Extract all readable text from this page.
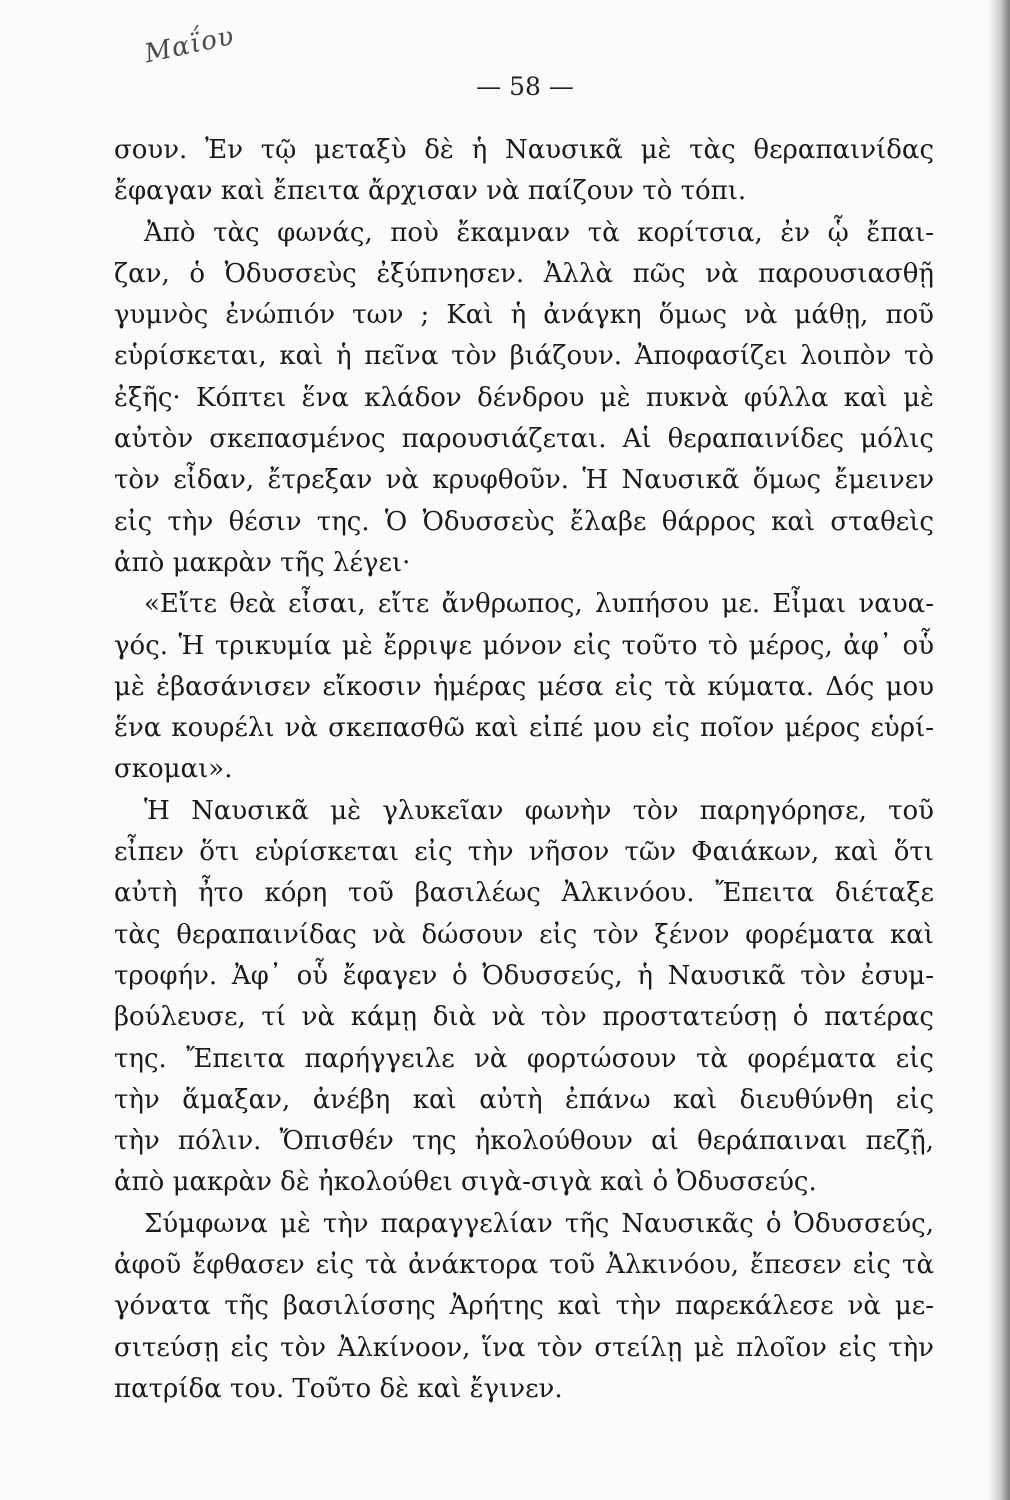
Μαΐου
— 58 —
σουν. Ἐν τῷ μεταξὺ δὲ ἡ Ναυσικᾶ μὲ τὰς θεραπαινίδας
ἔφαγαν καὶ ἔπειτα ἄρχισαν νὰ παίζουν τὸ τόπι.
Ἀπὸ τὰς φωνάς, ποὺ ἔκαμναν τὰ κορίτσια, ἐν ᾧ ἔπαι-
ζαν, ὁ Ὀδυσσεὺς ἐξύπνησεν. Ἀλλὰ πῶς νὰ παρουσιασθῇ
γυμνὸς ἐνώπιόν των ; Καὶ ἡ ἀνάγκη ὅμως νὰ μάθῃ, ποῦ
εὑρίσκεται, καὶ ἡ πεῖνα τὸν βιάζουν. Ἀποφασίζει λοιπὸν τὸ
ἐξῆς· Κόπτει ἕνα κλάδον δένδρου μὲ πυκνὰ φύλλα καὶ μὲ
αὐτὸν σκεπασμένος παρουσιάζεται. Αἱ θεραπαινίδες μόλις
τὸν εἶδαν, ἔτρεξαν νὰ κρυφθοῦν. Ἡ Ναυσικᾶ ὅμως ἔμεινεν
εἰς τὴν θέσιν της. Ὁ Ὀδυσσεὺς ἔλαβε θάρρος καὶ σταθεὶς
ἀπὸ μακρὰν τῆς λέγει·
«Εἴτε θεὰ εἶσαι, εἴτε ἄνθρωπος, λυπήσου με. Εἶμαι ναυα-
γός. Ἡ τρικυμία μὲ ἔρριψε μόνον εἰς τοῦτο τὸ μέρος, ἀφ᾽ οὗ
μὲ ἐβασάνισεν εἴκοσιν ἡμέρας μέσα εἰς τὰ κύματα. Δός μου
ἕνα κουρέλι νὰ σκεπασθῶ καὶ εἰπέ μου εἰς ποῖον μέρος εὑρί-
σκομαι».
Ἡ Ναυσικᾶ μὲ γλυκεῖαν φωνὴν τὸν παρηγόρησε, τοῦ
εἶπεν ὅτι εὑρίσκεται εἰς τὴν νῆσον τῶν Φαιάκων, καὶ ὅτι
αὐτὴ ἦτο κόρη τοῦ βασιλέως Ἀλκινόου. Ἔπειτα διέταξε
τὰς θεραπαινίδας νὰ δώσουν εἰς τὸν ξένον φορέματα καὶ
τροφήν. Ἀφ᾽ οὗ ἔφαγεν ὁ Ὀδυσσεύς, ἡ Ναυσικᾶ τὸν ἐσυμ-
βούλευσε, τί νὰ κάμῃ διὰ νὰ τὸν προστατεύσῃ ὁ πατέρας
της. Ἔπειτα παρήγγειλε νὰ φορτώσουν τὰ φορέματα εἰς
τὴν ἅμαξαν, ἀνέβη καὶ αὐτὴ ἐπάνω καὶ διευθύνθη εἰς
τὴν πόλιν. Ὄπισθέν της ἠκολούθουν αἱ θεράπαιναι πεζῇ,
ἀπὸ μακρὰν δὲ ἠκολούθει σιγὰ-σιγὰ καὶ ὁ Ὀδυσσεύς.
Σύμφωνα μὲ τὴν παραγγελίαν τῆς Ναυσικᾶς ὁ Ὀδυσσεύς,
ἀφοῦ ἔφθασεν εἰς τὰ ἀνάκτορα τοῦ Ἀλκινόου, ἔπεσεν εἰς τὰ
γόνατα τῆς βασιλίσσης Ἀρήτης καὶ τὴν παρεκάλεσε νὰ με-
σιτεύσῃ εἰς τὸν Ἀλκίνοον, ἵνα τὸν στείλῃ μὲ πλοῖον εἰς τὴν
πατρίδα του. Τοῦτο δὲ καὶ ἔγινεν.
